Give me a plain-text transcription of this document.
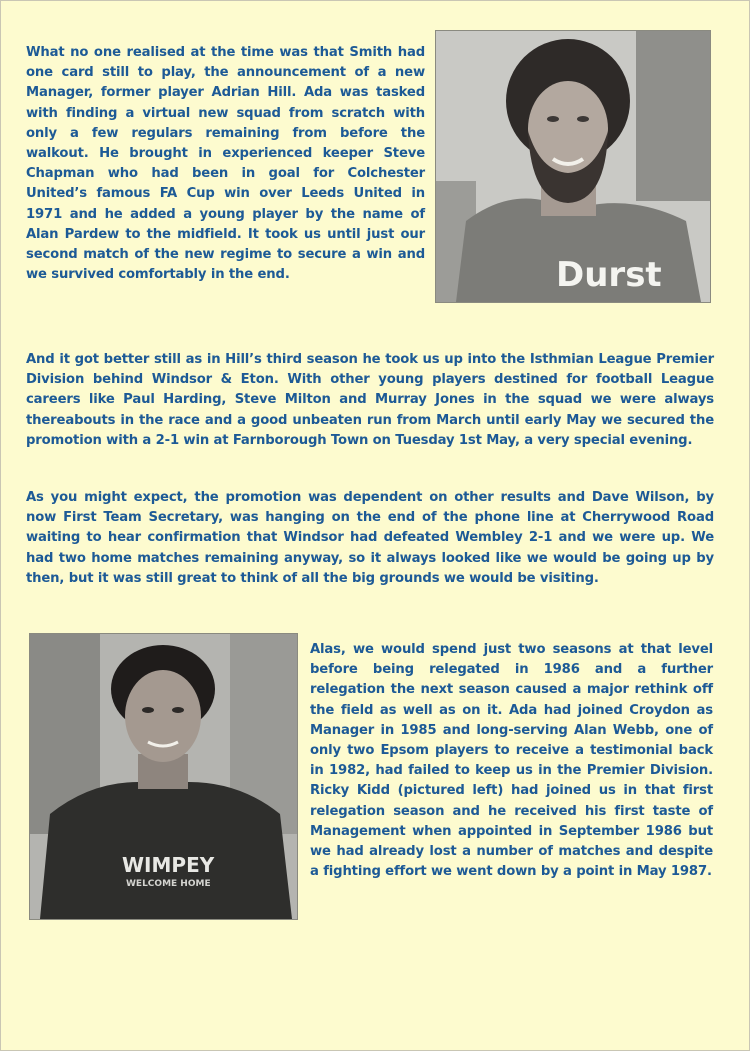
What no one realised at the time was that Smith had one card still to play, the announcement of a new Manager, former player Adrian Hill. Ada was tasked with finding a virtual new squad from scratch with only a few regulars remaining from before the walkout. He brought in experienced keeper Steve Chapman who had been in goal for Colchester United’s famous FA Cup win over Leeds United in 1971 and he added a young player by the name of Alan Pardew to the midfield. It took us until just our second match of the new regime to secure a win and we survived comfortably in the end.	Durst

And it got better still as in Hill’s third season he took us up into the Isthmian League Premier Division behind Windsor & Eton. With other young players destined for football League careers like Paul Harding, Steve Milton and Murray Jones in the squad we were always thereabouts in the race and a good unbeaten run from March until early May we secured the promotion with a 2-1 win at Farnborough Town on Tuesday 1st May, a very special evening.

As you might expect, the promotion was dependent on other results and Dave Wilson, by now First Team Secretary, was hanging on the end of the phone line at Cherrywood Road waiting to hear confirmation that Windsor had defeated Wembley 2-1 and we were up. We had two home matches remaining anyway, so it always looked like we would be going up by then, but it was still great to think of all the big grounds we would be visiting.

WIMPEY
WELCOME HOME

Alas, we would spend just two seasons at that level before being relegated in 1986 and a further relegation the next season caused a major rethink off the field as well as on it. Ada had joined Croydon as Manager in 1985 and long-serving Alan Webb, one of only two Epsom players to receive a testimonial back in 1982, had failed to keep us in the Premier Division. Ricky Kidd (pictured left) had joined us in that first relegation season and he received his first taste of Management when appointed in September 1986 but we had already lost a number of matches and despite a fighting effort we went down by a point in May 1987.
